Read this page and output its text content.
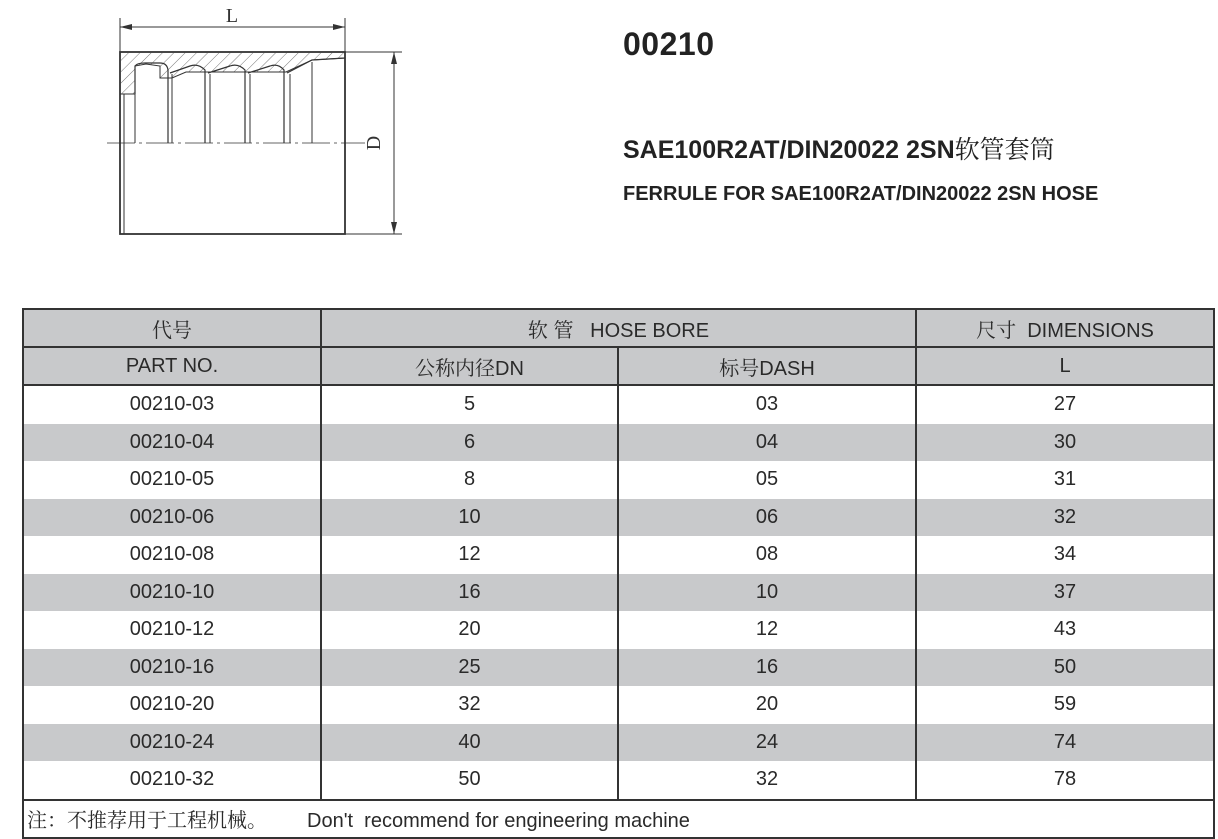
L
D
00210
SAE100R2AT/DIN20022 2SN软管套筒
FERRULE FOR SAE100R2AT/DIN20022 2SN HOSE
代号	软 管   HOSE BORE		尺寸  DIMENSIONS
PART NO.	公称内径DN	标号DASH	L
00210-03	5	03	27
00210-04	6	04	30
00210-05	8	05	31
00210-06	10	06	32
00210-08	12	08	34
00210-10	16	10	37
00210-12	20	12	43
00210-16	25	16	50
00210-20	32	20	59
00210-24	40	24	74
00210-32	50	32	78
注：不推荐用于工程机械。 Don't  recommend for engineering machine			
